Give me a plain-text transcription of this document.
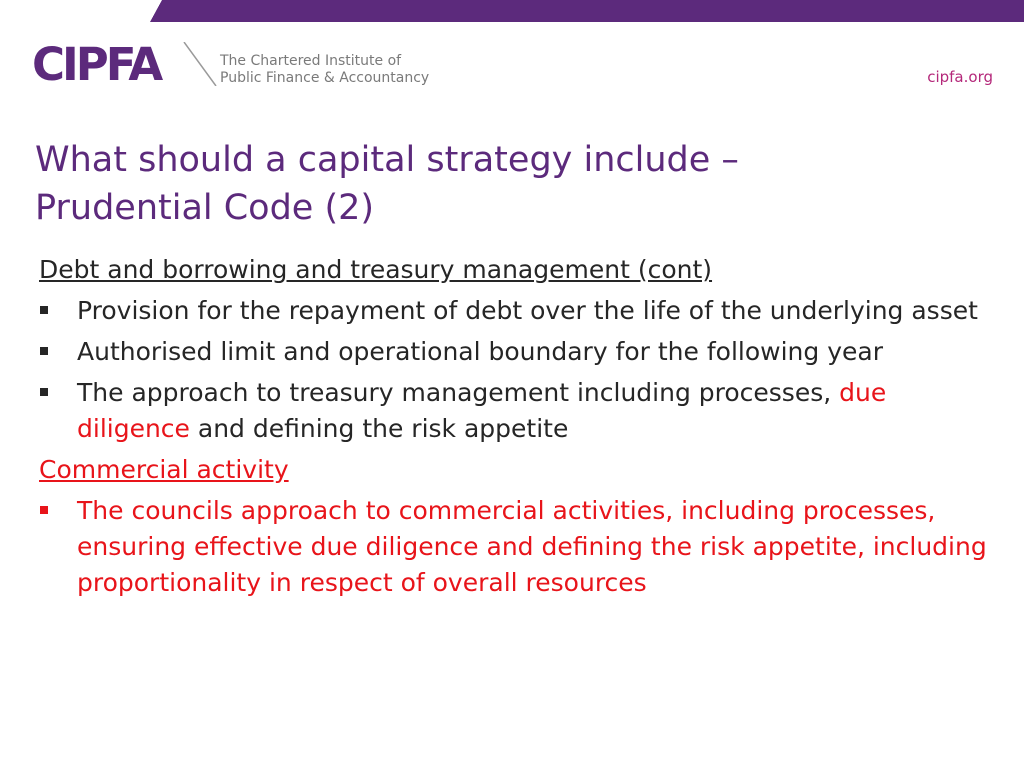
CIPFA	The Chartered Institute of
Public Finance & Accountancy	cipfa.org
What should a capital strategy include –
Prudential Code (2)
Debt and borrowing and treasury management (cont)
Provision for the repayment of debt over the life of the underlying asset
Authorised limit and operational boundary for the following year
The approach to treasury management including processes, due diligence and defining the risk appetite
Commercial activity
The councils approach to commercial activities, including processes, ensuring effective due diligence and defining the risk appetite, including proportionality in respect of overall resources
